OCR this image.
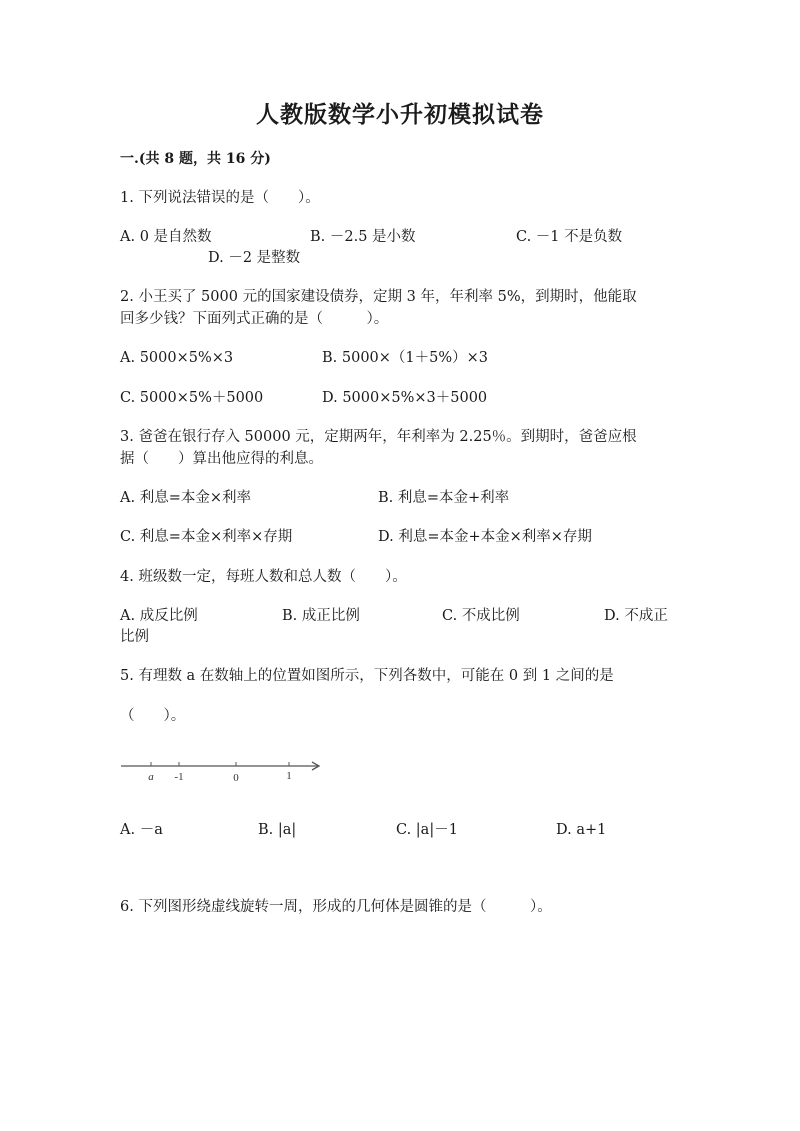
人教版数学小升初模拟试卷
一.(共 8 题，共 16 分)
1. 下列说法错误的是（　　）。
A. 0 是自然数	B. －2.5 是小数	C. －1 不是负数
D. －2 是整数
2. 小王买了 5000 元的国家建设债券，定期 3 年，年利率 5%，到期时，他能取
回多少钱？下面列式正确的是（　　　）。
A. 5000×5%×3	B. 5000×（1＋5%）×3
C. 5000×5%＋5000	D. 5000×5%×3＋5000
3. 爸爸在银行存入 50000 元，定期两年，年利率为 2.25％。到期时，爸爸应根
据（　　）算出他应得的利息。
A. 利息=本金×利率	B. 利息=本金+利率
C. 利息=本金×利率×存期	D. 利息=本金+本金×利率×存期
4. 班级数一定，每班人数和总人数（　　）。
A. 成反比例	B. 成正比例	C. 不成比例	D. 不成正
比例
5. 有理数 a 在数轴上的位置如图所示，下列各数中，可能在 0 到 1 之间的是
（　　）。
a -1	0	1
A. －a	B. |a|	C. |a|－1	D. a+1
6. 下列图形绕虚线旋转一周，形成的几何体是圆锥的是（　　　）。
